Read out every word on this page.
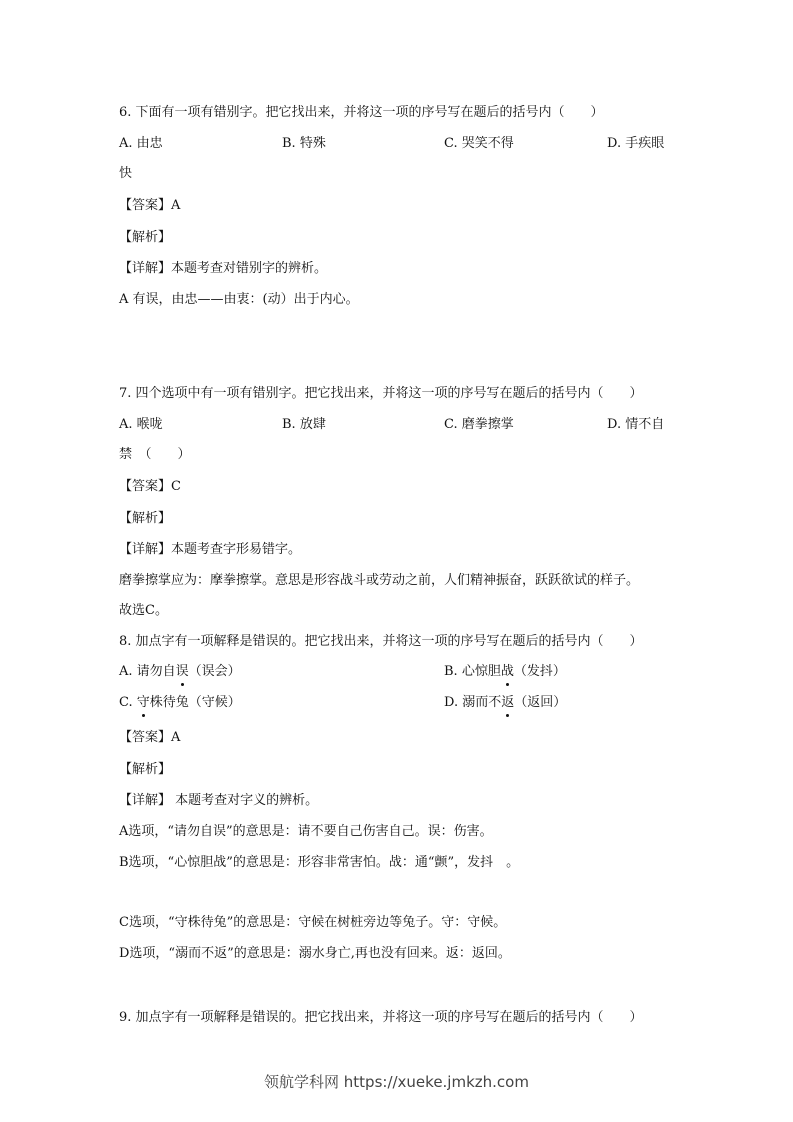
6. 下面有一项有错别字。把它找出来，并将这一项的序号写在题后的括号内（　　）
A. 由忠	B. 特殊	C. 哭笑不得	D. 手疾眼
快
【答案】A
【解析】
【详解】本题考查对错别字的辨析。
A 有误，由忠——由衷：(动）出于内心。
7. 四个选项中有一项有错别字。把它找出来，并将这一项的序号写在题后的括号内（　　）
A. 喉咙	B. 放肆	C. 磨拳擦掌	D. 情不自
禁　（　　）
【答案】C
【解析】
【详解】本题考查字形易错字。
磨拳擦掌应为：摩拳擦掌。意思是形容战斗或劳动之前，人们精神振奋，跃跃欲试的样子。
故选C。
8. 加点字有一项解释是错误的。把它找出来，并将这一项的序号写在题后的括号内（　　）
A. 请勿自误（误会）	B. 心惊胆战（发抖）
C. 守株待兔（守候）	D. 溺而不返（返回）
【答案】A
【解析】
【详解】 本题考查对字义的辨析。
A选项，“请勿自误”的意思是：请不要自己伤害自己。误：伤害。
B选项，“心惊胆战”的意思是：形容非常害怕。战：通“颤”，发抖　。
C选项，“守株待兔”的意思是：守候在树桩旁边等兔子。守：守候。
D选项，“溺而不返”的意思是：溺水身亡,再也没有回来。返：返回。
9. 加点字有一项解释是错误的。把它找出来，并将这一项的序号写在题后的括号内（　　）
领航学科网 https://xueke.jmkzh.com
